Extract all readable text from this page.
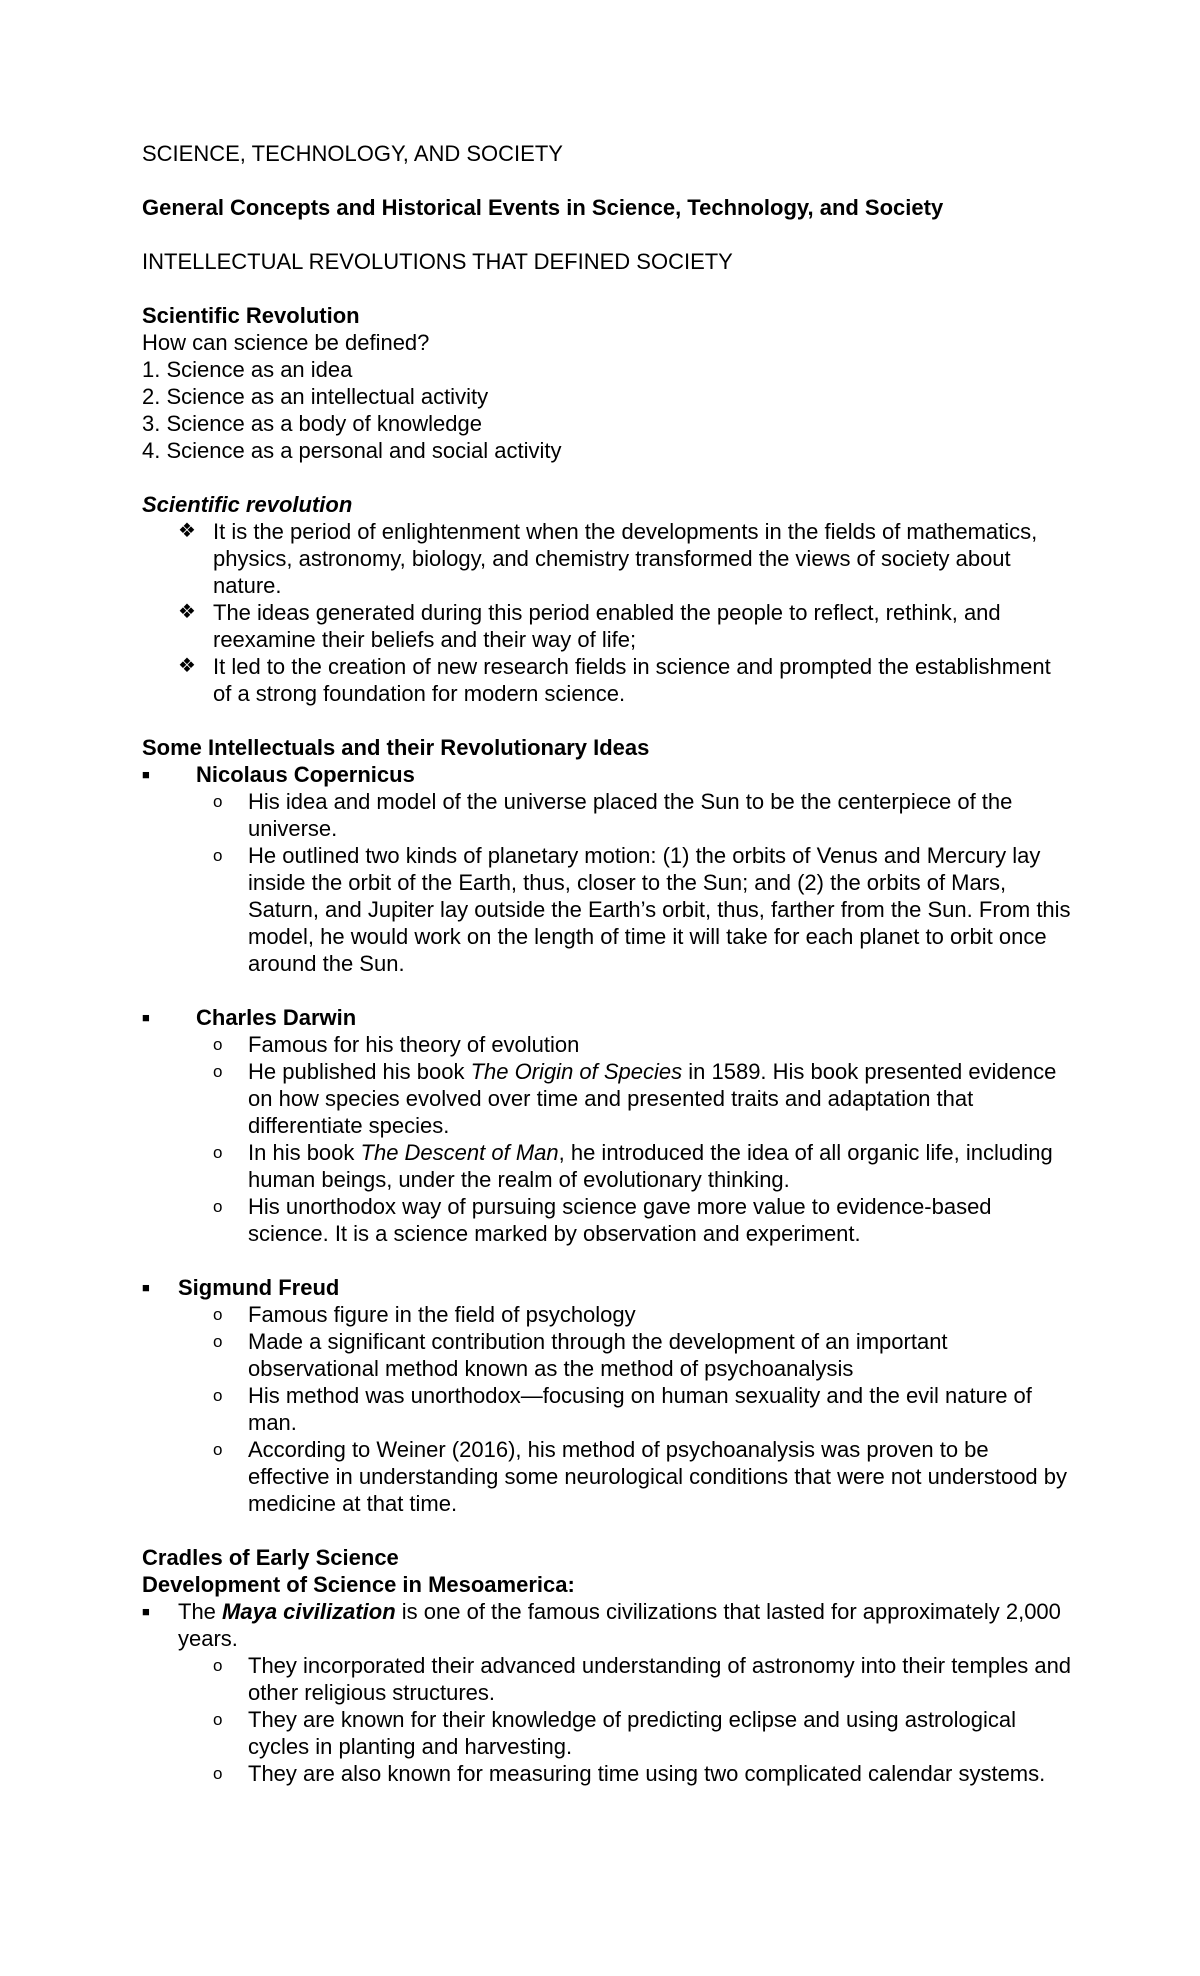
SCIENCE, TECHNOLOGY, AND SOCIETY

General Concepts and Historical Events in Science, Technology, and Society

INTELLECTUAL REVOLUTIONS THAT DEFINED SOCIETY

Scientific Revolution

How can science be defined?

1. Science as an idea

2. Science as an intellectual activity

3. Science as a body of knowledge

4. Science as a personal and social activity

Scientific revolution

❖ It is the period of enlightenment when the developments in the fields of mathematics, physics, astronomy, biology, and chemistry transformed the views of society about nature.
❖ The ideas generated during this period enabled the people to reflect, rethink, and reexamine their beliefs and their way of life;
❖ It led to the creation of new research fields in science and prompted the establishment of a strong foundation for modern science.

Some Intellectuals and their Revolutionary Ideas

■ Nicolaus Copernicus
o His idea and model of the universe placed the Sun to be the centerpiece of the universe.
o He outlined two kinds of planetary motion: (1) the orbits of Venus and Mercury lay inside the orbit of the Earth, thus, closer to the Sun; and (2) the orbits of Mars, Saturn, and Jupiter lay outside the Earth’s orbit, thus, farther from the Sun. From this model, he would work on the length of time it will take for each planet to orbit once around the Sun.
■ Charles Darwin
o Famous for his theory of evolution
o He published his book The Origin of Species in 1589. His book presented evidence on how species evolved over time and presented traits and adaptation that differentiate species.
o In his book The Descent of Man, he introduced the idea of all organic life, including human beings, under the realm of evolutionary thinking.
o His unorthodox way of pursuing science gave more value to evidence-based science. It is a science marked by observation and experiment.
■ Sigmund Freud
o Famous figure in the field of psychology
o Made a significant contribution through the development of an important observational method known as the method of psychoanalysis
o His method was unorthodox—focusing on human sexuality and the evil nature of man.
o According to Weiner (2016), his method of psychoanalysis was proven to be effective in understanding some neurological conditions that were not understood by medicine at that time.

Cradles of Early Science

Development of Science in Mesoamerica:

■ The Maya civilization is one of the famous civilizations that lasted for approximately 2,000 years.
o They incorporated their advanced understanding of astronomy into their temples and other religious structures.
o They are known for their knowledge of predicting eclipse and using astrological cycles in planting and harvesting.
o They are also known for measuring time using two complicated calendar systems.
